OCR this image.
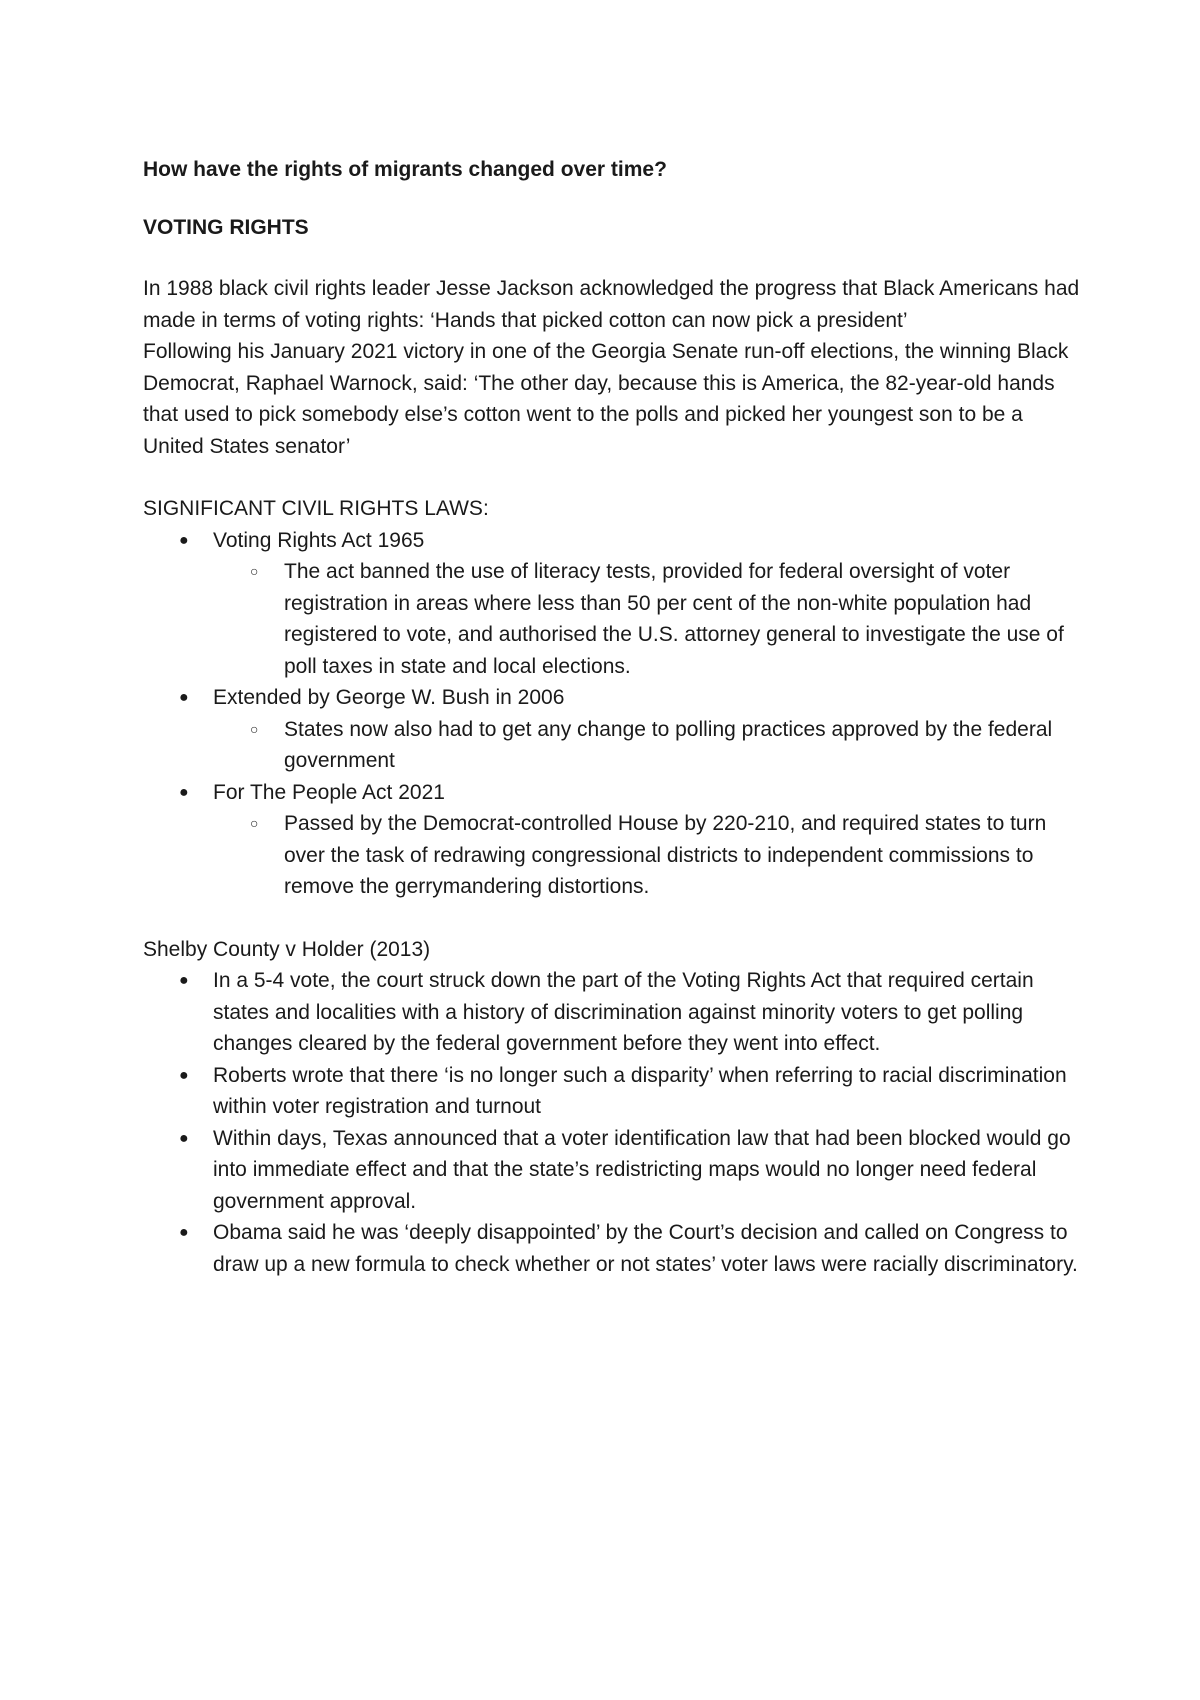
How have the rights of migrants changed over time?

VOTING RIGHTS

In 1988 black civil rights leader Jesse Jackson acknowledged the progress that Black Americans had made in terms of voting rights: ‘Hands that picked cotton can now pick a president’

Following his January 2021 victory in one of the Georgia Senate run-off elections, the winning Black Democrat, Raphael Warnock, said: ‘The other day, because this is America, the 82-year-old hands that used to pick somebody else’s cotton went to the polls and picked her youngest son to be a United States senator’

SIGNIFICANT CIVIL RIGHTS LAWS:

● Voting Rights Act 1965
○ The act banned the use of literacy tests, provided for federal oversight of voter registration in areas where less than 50 per cent of the non-white population had registered to vote, and authorised the U.S. attorney general to investigate the use of poll taxes in state and local elections.
● Extended by George W. Bush in 2006
○ States now also had to get any change to polling practices approved by the federal government
● For The People Act 2021
○ Passed by the Democrat-controlled House by 220-210, and required states to turn over the task of redrawing congressional districts to independent commissions to remove the gerrymandering distortions.

Shelby County v Holder (2013)

● In a 5-4 vote, the court struck down the part of the Voting Rights Act that required certain states and localities with a history of discrimination against minority voters to get polling changes cleared by the federal government before they went into effect.
● Roberts wrote that there ‘is no longer such a disparity’ when referring to racial discrimination within voter registration and turnout
● Within days, Texas announced that a voter identification law that had been blocked would go into immediate effect and that the state’s redistricting maps would no longer need federal government approval.
● Obama said he was ‘deeply disappointed’ by the Court’s decision and called on Congress to draw up a new formula to check whether or not states’ voter laws were racially discriminatory.
